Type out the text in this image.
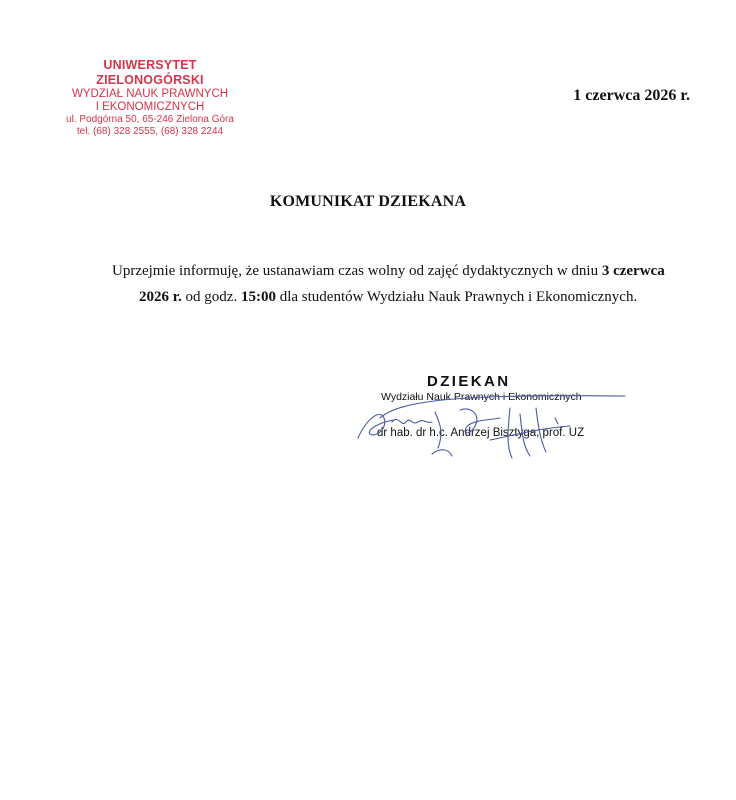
UNIWERSYTET ZIELONOGÓRSKI
WYDZIAŁ NAUK PRAWNYCH
I EKONOMICZNYCH
ul. Podgórna 50, 65-246 Zielona Góra
tel. (68) 328 2555, (68) 328 2244
1 czerwca 2026 r.
KOMUNIKAT DZIEKANA
Uprzejmie informuję, że ustanawiam czas wolny od zajęć dydaktycznych w dniu 3 czerwca
2026 r. od godz. 15:00 dla studentów Wydziału Nauk Prawnych i Ekonomicznych.
DZIEKAN
Wydziału Nauk Prawnych i Ekonomicznych
dr hab. dr h.c. Andrzej Bisztyga, prof. UZ
